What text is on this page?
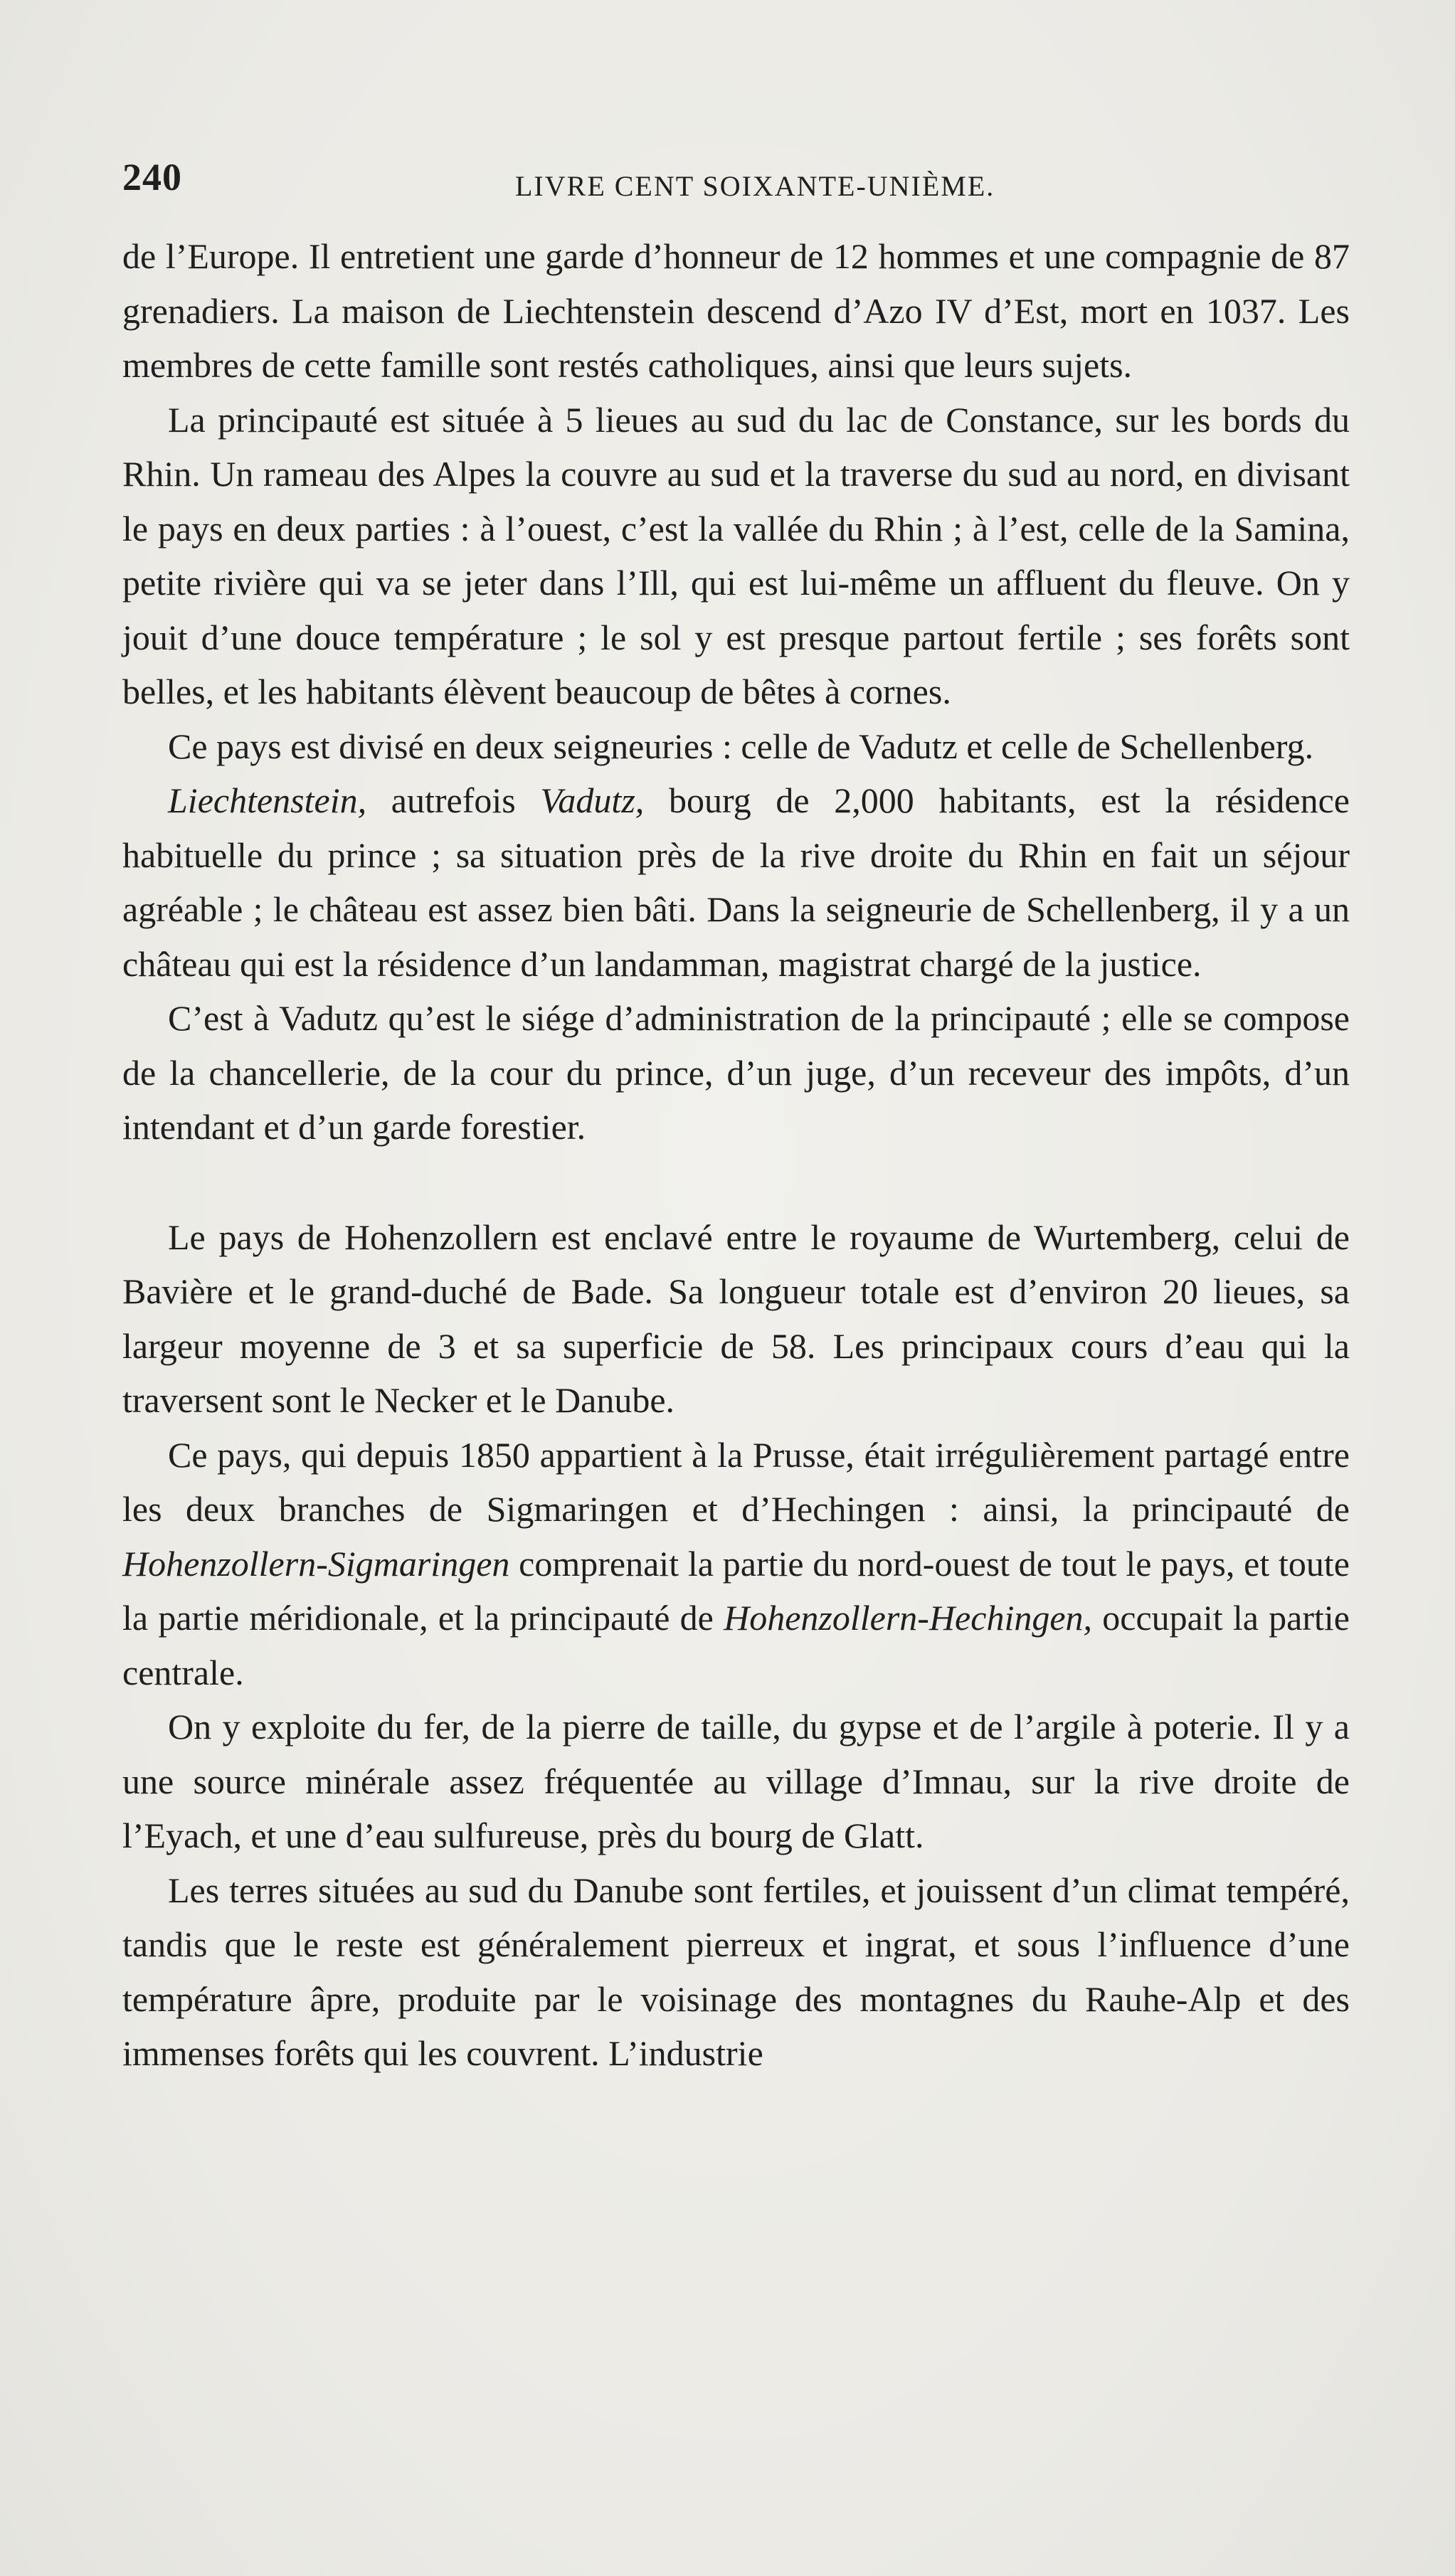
240	LIVRE CENT SOIXANTE-UNIÈME.

de l’Europe. Il entretient une garde d’honneur de 12 hommes et une compagnie de 87 grenadiers. La maison de Liechtenstein descend d’Azo IV d’Est, mort en 1037. Les membres de cette famille sont restés catholiques, ainsi que leurs sujets.

La principauté est située à 5 lieues au sud du lac de Constance, sur les bords du Rhin. Un rameau des Alpes la couvre au sud et la traverse du sud au nord, en divisant le pays en deux parties : à l’ouest, c’est la vallée du Rhin ; à l’est, celle de la Samina, petite rivière qui va se jeter dans l’Ill, qui est lui-même un affluent du fleuve. On y jouit d’une douce température ; le sol y est presque partout fertile ; ses forêts sont belles, et les habitants élèvent beaucoup de bêtes à cornes.

Ce pays est divisé en deux seigneuries : celle de Vadutz et celle de Schellenberg.

Liechtenstein, autrefois Vadutz, bourg de 2,000 habitants, est la résidence habituelle du prince ; sa situation près de la rive droite du Rhin en fait un séjour agréable ; le château est assez bien bâti. Dans la seigneurie de Schellenberg, il y a un château qui est la résidence d’un landamman, magistrat chargé de la justice.

C’est à Vadutz qu’est le siége d’administration de la principauté ; elle se compose de la chancellerie, de la cour du prince, d’un juge, d’un receveur des impôts, d’un intendant et d’un garde forestier.

Le pays de Hohenzollern est enclavé entre le royaume de Wurtemberg, celui de Bavière et le grand-duché de Bade. Sa longueur totale est d’environ 20 lieues, sa largeur moyenne de 3 et sa superficie de 58. Les principaux cours d’eau qui la traversent sont le Necker et le Danube.

Ce pays, qui depuis 1850 appartient à la Prusse, était irrégulièrement partagé entre les deux branches de Sigmaringen et d’Hechingen : ainsi, la principauté de Hohenzollern-Sigmaringen comprenait la partie du nord-ouest de tout le pays, et toute la partie méridionale, et la principauté de Hohenzollern-Hechingen, occupait la partie centrale.

On y exploite du fer, de la pierre de taille, du gypse et de l’argile à poterie. Il y a une source minérale assez fréquentée au village d’Imnau, sur la rive droite de l’Eyach, et une d’eau sulfureuse, près du bourg de Glatt.

Les terres situées au sud du Danube sont fertiles, et jouissent d’un climat tempéré, tandis que le reste est généralement pierreux et ingrat, et sous l’influence d’une température âpre, produite par le voisinage des montagnes du Rauhe-Alp et des immenses forêts qui les couvrent. L’industrie
